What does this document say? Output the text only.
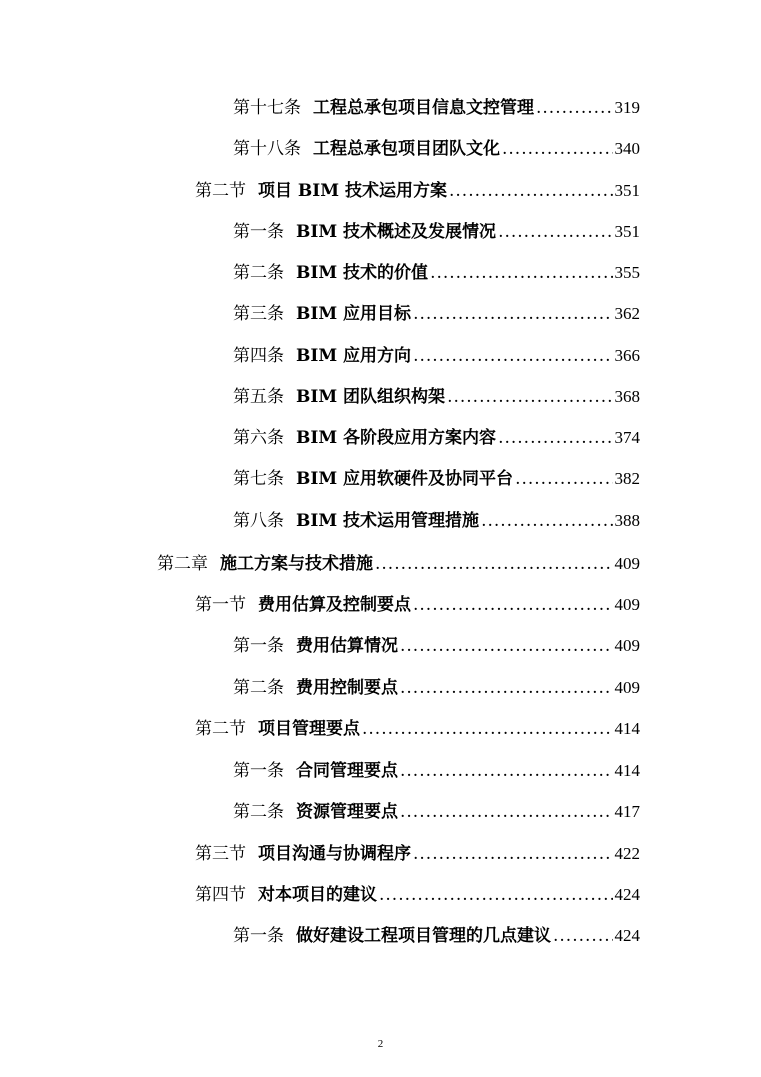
第十七条 工程总承包项目信息文控管理 .....	319
第十八条 工程总承包项目团队文化 .....	340
第二节 项目 BIM 技术运用方案 .....	351
第一条 BIM 技术概述及发展情况 .....	351
第二条 BIM 技术的价值 .....	355
第三条 BIM 应用目标 .....	362
第四条 BIM 应用方向 .....	366
第五条 BIM 团队组织构架 .....	368
第六条 BIM 各阶段应用方案内容 .....	374
第七条 BIM 应用软硬件及协同平台 .....	382
第八条 BIM 技术运用管理措施 .....	388
第二章 施工方案与技术措施 .....	409
第一节 费用估算及控制要点 .....	409
第一条 费用估算情况 .....	409
第二条 费用控制要点 .....	409
第二节 项目管理要点 .....	414
第一条 合同管理要点 .....	414
第二条 资源管理要点 .....	417
第三节 项目沟通与协调程序 .....	422
第四节 对本项目的建议 .....	424
第一条 做好建设工程项目管理的几点建议 .....	424
2
